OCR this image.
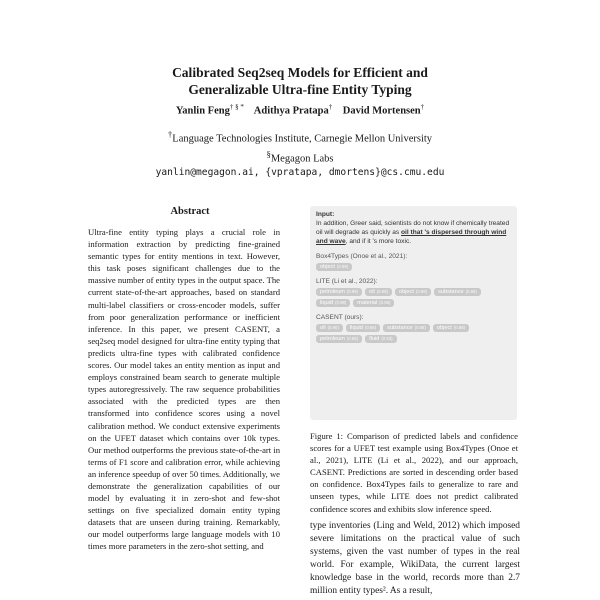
Calibrated Seq2seq Models for Efficient and
Generalizable Ultra-fine Entity Typing
Yanlin Feng† § * Adithya Pratapa† David Mortensen†
†Language Technologies Institute, Carnegie Mellon University
§Megagon Labs
yanlin@megagon.ai, {vpratapa, dmortens}@cs.cmu.edu
Abstract
Ultra-fine entity typing plays a crucial role in information extraction by predicting fine-grained semantic types for entity mentions in text. However, this task poses significant challenges due to the massive number of entity types in the output space. The current state-of-the-art approaches, based on standard multi-label classifiers or cross-encoder models, suffer from poor generalization performance or inefficient inference. In this paper, we present CASENT, a seq2seq model designed for ultra-fine entity typing that predicts ultra-fine types with calibrated confidence scores. Our model takes an entity mention as input and employs constrained beam search to generate multiple types autoregressively. The raw sequence probabilities associated with the predicted types are then transformed into confidence scores using a novel calibration method. We conduct extensive experiments on the UFET dataset which contains over 10k types. Our method outperforms the previous state-of-the-art in terms of F1 score and calibration error, while achieving an inference speedup of over 50 times. Additionally, we demonstrate the generalization capabilities of our model by evaluating it in zero-shot and few-shot settings on five specialized domain entity typing datasets that are unseen during training. Remarkably, our model outperforms large language models with 10 times more parameters in the zero-shot setting, and
Input:
In addition, Greer said, scientists do not know if chemically treated oil will degrade as quickly as oil that 's dispersed through wind and wave, and if it 's more toxic.
Box4Types (Onoe et al., 2021):
object (0.89)
LITE (Li et al., 2022):
petroleum (0.99)	oil (0.99)	object (0.99)	substance (0.98)
liquid (0.98)	material (0.96)
CASENT (ours):
oil (0.90)	liquid (0.88)	substance (0.88)	object (0.88)
petroleum (0.55)	fluid (0.53)
Figure 1: Comparison of predicted labels and confidence scores for a UFET test example using Box4Types (Onoe et al., 2021), LITE (Li et al., 2022), and our approach, CASENT. Predictions are sorted in descending order based on confidence. Box4Types fails to generalize to rare and unseen types, while LITE does not predict calibrated confidence scores and exhibits slow inference speed.
type inventories (Ling and Weld, 2012) which imposed severe limitations on the practical value of such systems, given the vast number of types in the real world. For example, WikiData, the current largest knowledge base in the world, records more than 2.7 million entity types². As a result,
